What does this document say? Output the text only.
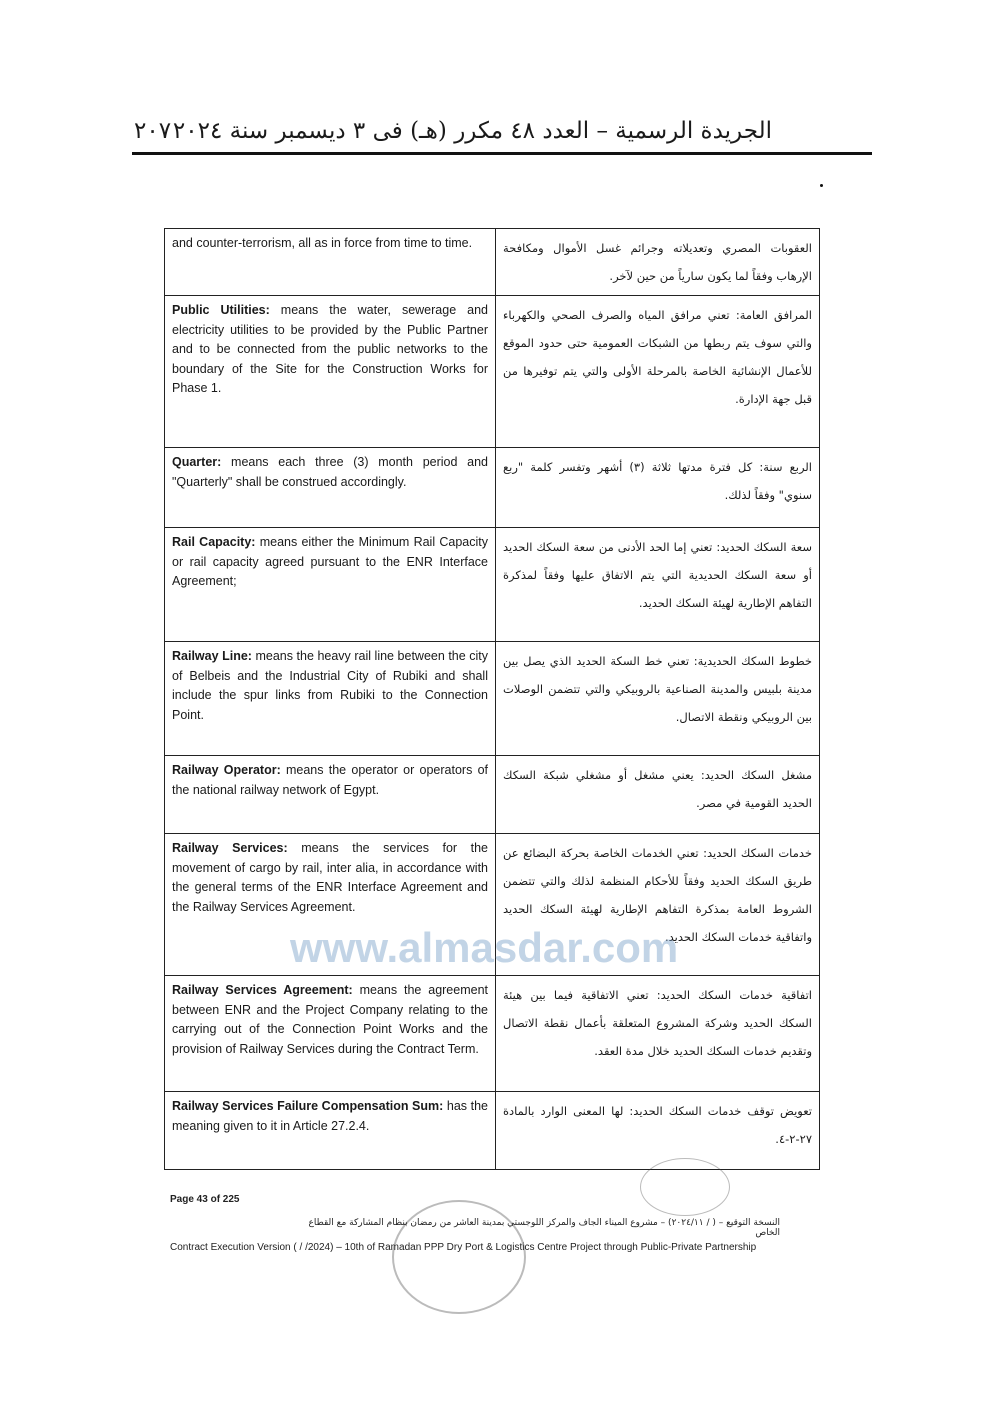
الجريدة الرسمية – العدد ٤٨ مكرر (هـ) فى ٣ ديسمبر سنة ٢٠٢٤
٢٠٧
and counter-terrorism, all as in force from time to time.	العقوبات المصري وتعديلاته وجرائم غسل الأموال ومكافحة الإرهاب وفقاً لما يكون سارياً من حين لآخر.
Public Utilities: means the water, sewerage and electricity utilities to be provided by the Public Partner and to be connected from the public networks to the boundary of the Site for the Construction Works for Phase 1.	المرافق العامة: تعني مرافق المياه والصرف الصحي والكهرباء والتي سوف يتم ربطها من الشبكات العمومية حتى حدود الموقع للأعمال الإنشائية الخاصة بالمرحلة الأولى والتي يتم توفيرها من قبل جهة الإدارة.
Quarter: means each three (3) month period and "Quarterly" shall be construed accordingly.	الربع سنة: كل فترة مدتها ثلاثة (٣) أشهر وتفسر كلمة "ربع سنوي" وفقاً لذلك.
Rail Capacity: means either the Minimum Rail Capacity or rail capacity agreed pursuant to the ENR Interface Agreement;	سعة السكك الحديد: تعني إما الحد الأدنى من سعة السكك الحديد أو سعة السكك الحديدية التي يتم الاتفاق عليها وفقاً لمذكرة التفاهم الإطارية لهيئة السكك الحديد.
Railway Line: means the heavy rail line between the city of Belbeis and the Industrial City of Rubiki and shall include the spur links from Rubiki to the Connection Point.	خطوط السكك الحديدية: تعني خط السكة الحديد الذي يصل بين مدينة بلبيس والمدينة الصناعية بالروبيكي والتي تتضمن الوصلات بين الروبيكي ونقطة الاتصال.
Railway Operator: means the operator or operators of the national railway network of Egypt.	مشغل السكك الحديد: يعني مشغل أو مشغلي شبكة السكك الحديد القومية في مصر.
Railway Services: means the services for the movement of cargo by rail, inter alia, in accordance with the general terms of the ENR Interface Agreement and the Railway Services Agreement.	خدمات السكك الحديد: تعني الخدمات الخاصة بحركة البضائع عن طريق السكك الحديد وفقاً للأحكام المنظمة لذلك والتي تتضمن الشروط العامة بمذكرة التفاهم الإطارية لهيئة السكك الحديد واتفاقية خدمات السكك الحديد.
Railway Services Agreement: means the agreement between ENR and the Project Company relating to the carrying out of the Connection Point Works and the provision of Railway Services during the Contract Term.	اتفاقية خدمات السكك الحديد: تعني الاتفاقية فيما بين هيئة السكك الحديد وشركة المشروع المتعلقة بأعمال نقطة الاتصال وتقديم خدمات السكك الحديد خلال مدة العقد.
Railway Services Failure Compensation Sum: has the meaning given to it in Article 27.2.4.	تعويض توقف خدمات السكك الحديد: لها المعنى الوارد بالمادة ٢٧-٢-٤.
www.almasdar.com
Page 43 of 225
النسخة التوقيع – ( / ٢٠٢٤/١١) – مشروع الميناء الجاف والمركز اللوجستي بمدينة العاشر من رمضان بنظام المشاركة مع القطاع الخاص
Contract Execution Version ( / /2024) – 10th of Ramadan PPP Dry Port & Logistics Centre Project through Public-Private Partnership
